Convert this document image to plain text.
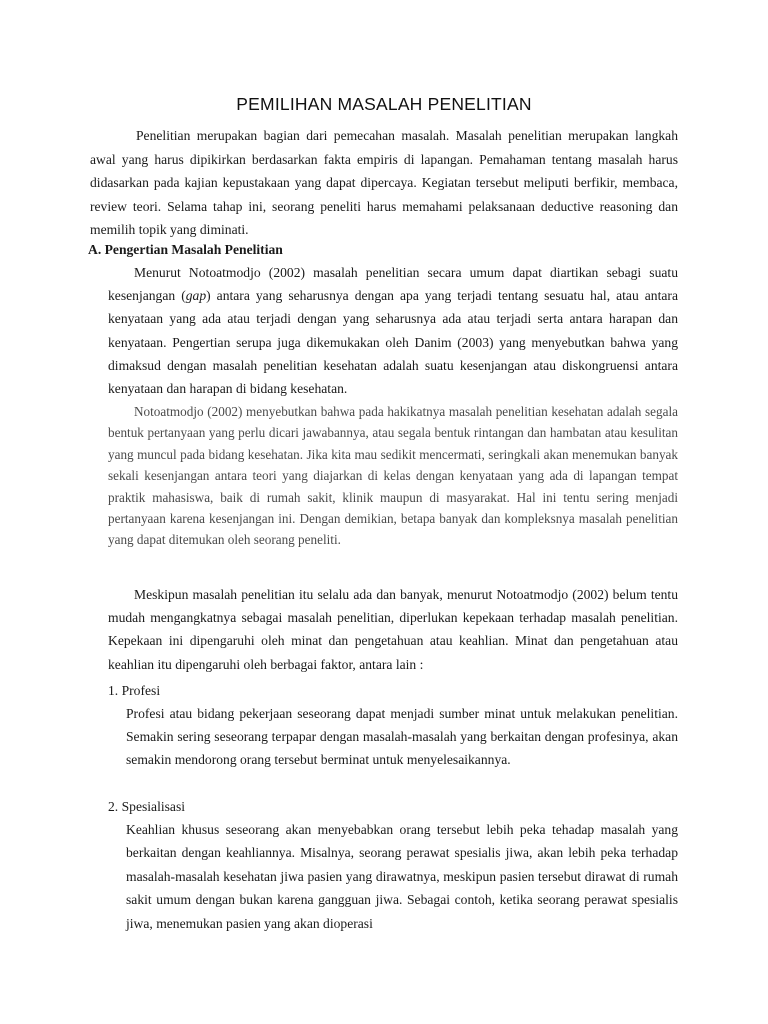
PEMILIHAN MASALAH PENELITIAN

Penelitian merupakan bagian dari pemecahan masalah. Masalah penelitian merupakan langkah awal yang harus dipikirkan berdasarkan fakta empiris di lapangan. Pemahaman tentang masalah harus didasarkan pada kajian kepustakaan yang dapat dipercaya. Kegiatan tersebut meliputi berfikir, membaca, review teori. Selama tahap ini, seorang peneliti harus memahami pelaksanaan deductive reasoning dan memilih topik yang diminati.

A. Pengertian Masalah Penelitian

Menurut Notoatmodjo (2002) masalah penelitian secara umum dapat diartikan sebagi suatu kesenjangan (gap) antara yang seharusnya dengan apa yang terjadi tentang sesuatu hal, atau antara kenyataan yang ada atau terjadi dengan yang seharusnya ada atau terjadi serta antara harapan dan kenyataan. Pengertian serupa juga dikemukakan oleh Danim (2003) yang menyebutkan bahwa yang dimaksud dengan masalah penelitian kesehatan adalah suatu kesenjangan atau diskongruensi antara kenyataan dan harapan di bidang kesehatan.

Notoatmodjo (2002) menyebutkan bahwa pada hakikatnya masalah penelitian kesehatan adalah segala bentuk pertanyaan yang perlu dicari jawabannya, atau segala bentuk rintangan dan hambatan atau kesulitan yang muncul pada bidang kesehatan. Jika kita mau sedikit mencermati, seringkali akan menemukan banyak sekali kesenjangan antara teori yang diajarkan di kelas dengan kenyataan yang ada di lapangan tempat praktik mahasiswa, baik di rumah sakit, klinik maupun di masyarakat. Hal ini tentu sering menjadi pertanyaan karena kesenjangan ini. Dengan demikian, betapa banyak dan kompleksnya masalah penelitian yang dapat ditemukan oleh seorang peneliti.

Meskipun masalah penelitian itu selalu ada dan banyak, menurut Notoatmodjo (2002) belum tentu mudah mengangkatnya sebagai masalah penelitian, diperlukan kepekaan terhadap masalah penelitian. Kepekaan ini dipengaruhi oleh minat dan pengetahuan atau keahlian. Minat dan pengetahuan atau keahlian itu dipengaruhi oleh berbagai faktor, antara lain :

1. Profesi

Profesi atau bidang pekerjaan seseorang dapat menjadi sumber minat untuk melakukan penelitian. Semakin sering seseorang terpapar dengan masalah-masalah yang berkaitan dengan profesinya, akan semakin mendorong orang tersebut berminat untuk menyelesaikannya.

2. Spesialisasi

Keahlian khusus seseorang akan menyebabkan orang tersebut lebih peka tehadap masalah yang berkaitan dengan keahliannya. Misalnya, seorang perawat spesialis jiwa, akan lebih peka terhadap masalah-masalah kesehatan jiwa pasien yang dirawatnya, meskipun pasien tersebut dirawat di rumah sakit umum dengan bukan karena gangguan jiwa. Sebagai contoh, ketika seorang perawat spesialis jiwa, menemukan pasien yang akan dioperasi
